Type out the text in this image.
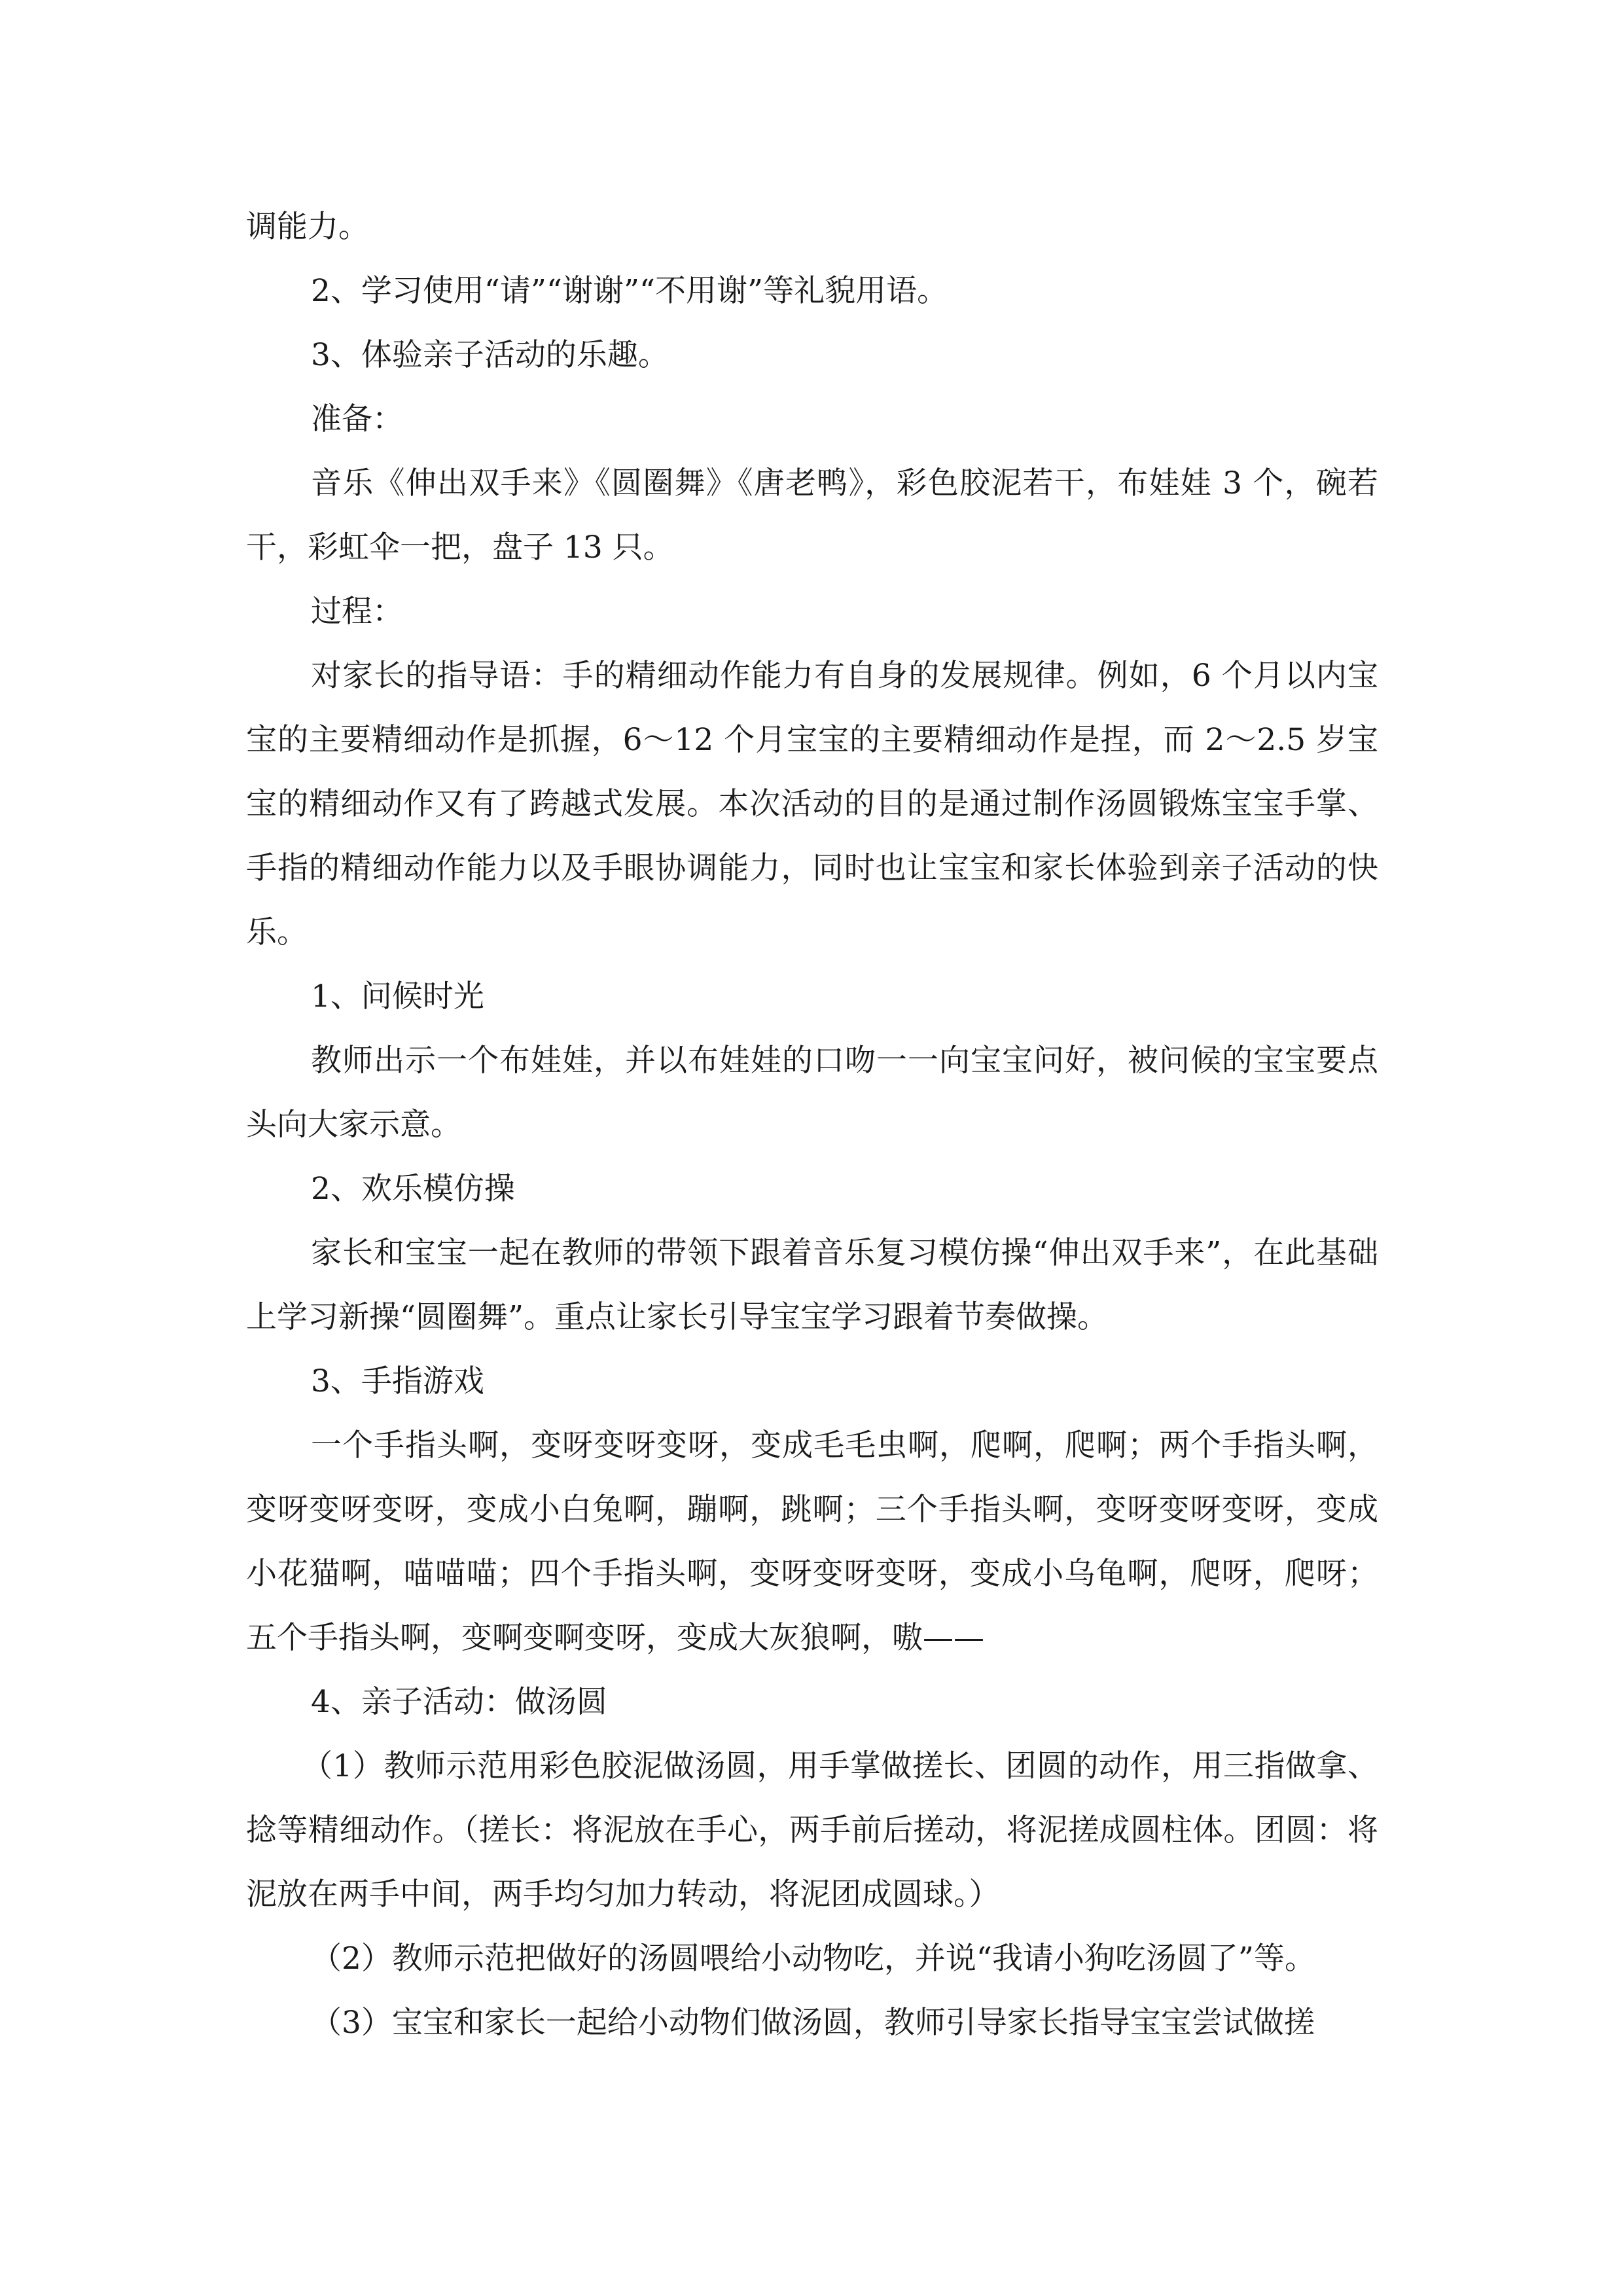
调能力。

2、学习使用“请”“谢谢”“不用谢”等礼貌用语。

3、体验亲子活动的乐趣。

准备：

音乐《伸出双手来》《圆圈舞》《唐老鸭》，彩色胶泥若干，布娃娃 3 个，碗若干，彩虹伞一把，盘子 13 只。

过程：

对家长的指导语：手的精细动作能力有自身的发展规律。例如，6 个月以内宝宝的主要精细动作是抓握，6～12 个月宝宝的主要精细动作是捏，而 2～2.5 岁宝宝的精细动作又有了跨越式发展。本次活动的目的是通过制作汤圆锻炼宝宝手掌、手指的精细动作能力以及手眼协调能力，同时也让宝宝和家长体验到亲子活动的快乐。

1、问候时光

教师出示一个布娃娃，并以布娃娃的口吻一一向宝宝问好，被问候的宝宝要点头向大家示意。

2、欢乐模仿操

家长和宝宝一起在教师的带领下跟着音乐复习模仿操“伸出双手来”，在此基础上学习新操“圆圈舞”。重点让家长引导宝宝学习跟着节奏做操。

3、手指游戏

一个手指头啊，变呀变呀变呀，变成毛毛虫啊，爬啊，爬啊；两个手指头啊，变呀变呀变呀，变成小白兔啊，蹦啊，跳啊；三个手指头啊，变呀变呀变呀，变成小花猫啊，喵喵喵；四个手指头啊，变呀变呀变呀，变成小乌龟啊，爬呀，爬呀；五个手指头啊，变啊变啊变呀，变成大灰狼啊，嗷——

4、亲子活动：做汤圆

（1）教师示范用彩色胶泥做汤圆，用手掌做搓长、团圆的动作，用三指做拿、捻等精细动作。（搓长：将泥放在手心，两手前后搓动，将泥搓成圆柱体。团圆：将泥放在两手中间，两手均匀加力转动，将泥团成圆球。）

（2）教师示范把做好的汤圆喂给小动物吃，并说“我请小狗吃汤圆了”等。

（3）宝宝和家长一起给小动物们做汤圆，教师引导家长指导宝宝尝试做搓
